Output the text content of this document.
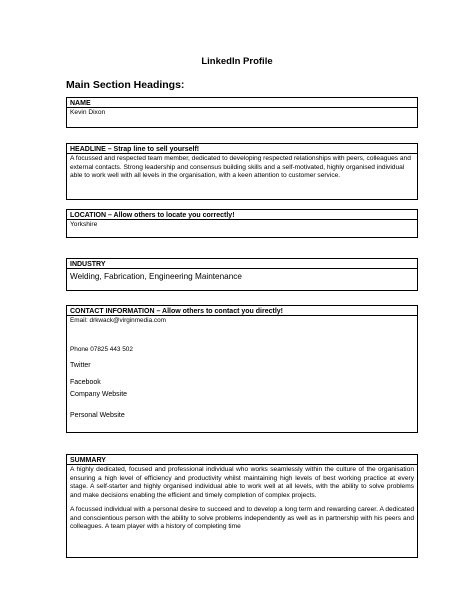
LinkedIn Profile
Main Section Headings:
NAME
Kevin Dixon
HEADLINE – Strap line to sell yourself!
A focussed and respected team member, dedicated to developing respected relationships with peers, colleagues and external contacts. Strong leadership and consensus building skills and a self-motivated, highly organised individual able to work well with all levels in the organisation, with a keen attention to customer service.
LOCATION – Allow others to locate you correctly!
Yorkshire
INDUSTRY
Welding, Fabrication, Engineering Maintenance
CONTACT INFORMATION – Allow others to contact you directly!
Email: drkwack@virginmedia.com
Phone 07825 443 502
Twitter
Facebook
Company Website
Personal Website
SUMMARY

A highly dedicated, focused and professional individual who works seamlessly within the culture of the organisation ensuring a high level of efficiency and productivity whilst maintaining high levels of best working practice at every stage. A self-starter and highly organised individual able to work well at all levels, with the ability to solve problems and make decisions enabling the efficient and timely completion of complex projects.

A focussed individual with a personal desire to succeed and to develop a long term and rewarding career. A dedicated and conscientious person with the ability to solve problems independently as well as in partnership with his peers and colleagues. A team player with a history of completing time
